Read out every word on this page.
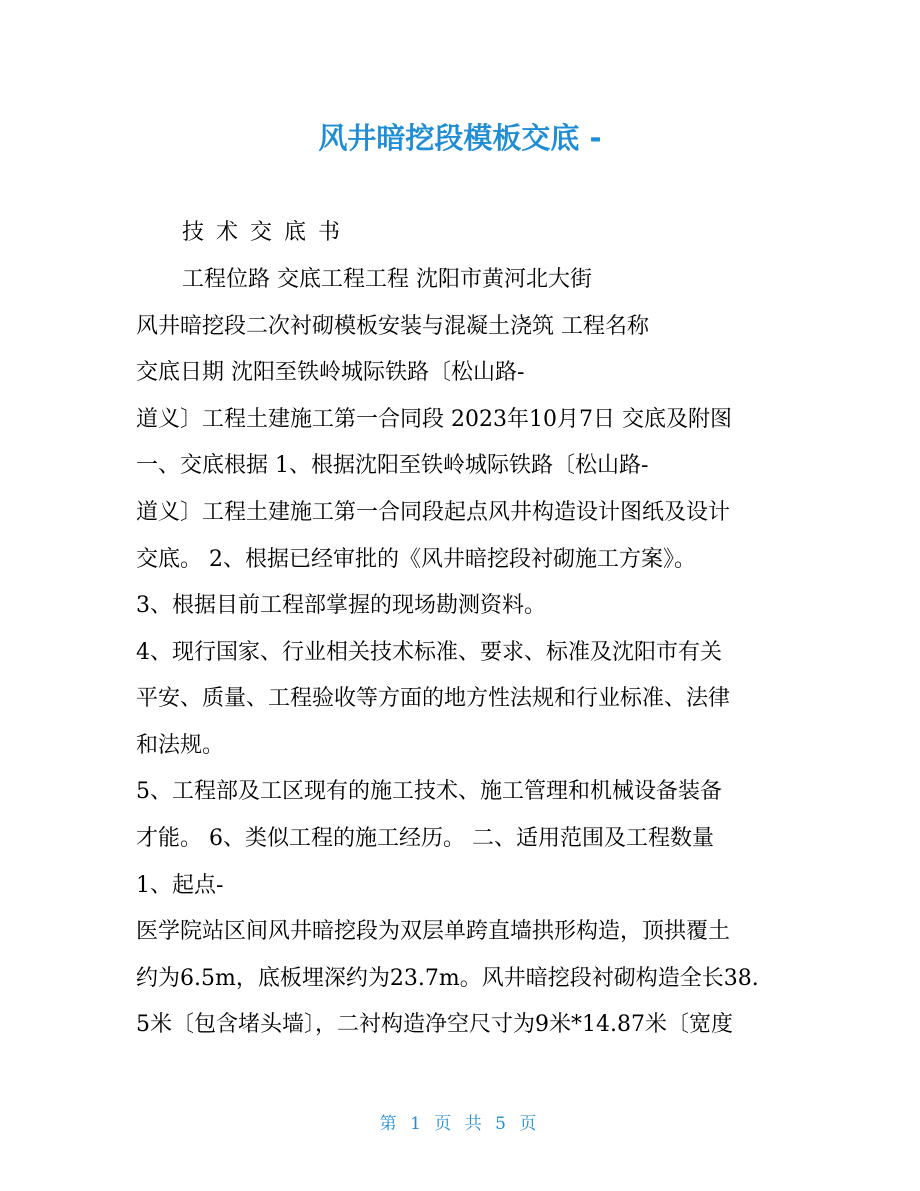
风井暗挖段模板交底 -
技术交底书
工程位路 交底工程工程 沈阳市黄河北大街
风井暗挖段二次衬砌模板安装与混凝土浇筑 工程名称
交底日期 沈阳至铁岭城际铁路〔松山路-
道义〕工程土建施工第一合同段 2023年10月7日 交底及附图
一、交底根据 1、根据沈阳至铁岭城际铁路〔松山路-
道义〕工程土建施工第一合同段起点风井构造设计图纸及设计
交底。 2、根据已经审批的《风井暗挖段衬砌施工方案》。
3、根据目前工程部掌握的现场勘测资料。
4、现行国家、行业相关技术标准、要求、标准及沈阳市有关
平安、质量、工程验收等方面的地方性法规和行业标准、法律
和法规。
5、工程部及工区现有的施工技术、施工管理和机械设备装备
才能。 6、类似工程的施工经历。 二、适用范围及工程数量
1、起点-
医学院站区间风井暗挖段为双层单跨直墙拱形构造，顶拱覆土
约为6.5m，底板埋深约为23.7m。风井暗挖段衬砌构造全长38.
5米〔包含堵头墙〕，二衬构造净空尺寸为9米*14.87米〔宽度
第 1 页 共 5 页
